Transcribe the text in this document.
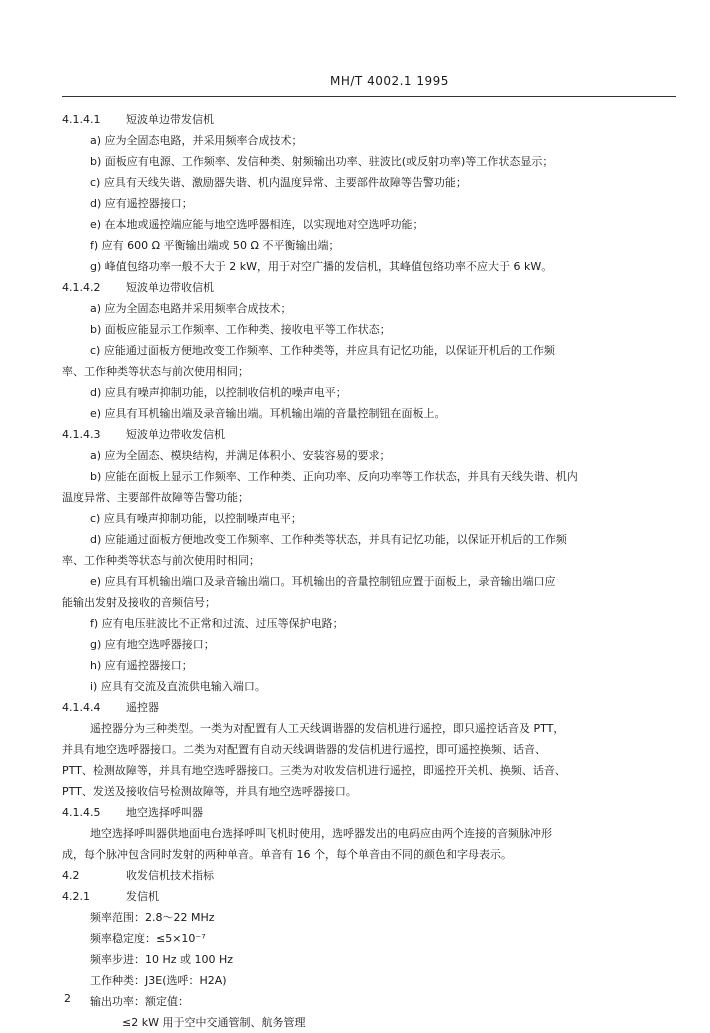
MH/T 4002.1 1995
4.1.4.1 短波单边带发信机
a) 应为全固态电路，并采用频率合成技术；
b) 面板应有电源、工作频率、发信种类、射频输出功率、驻波比(或反射功率)等工作状态显示；
c) 应具有天线失谐、激励器失谐、机内温度异常、主要部件故障等告警功能；
d) 应有遥控器接口；
e) 在本地或遥控端应能与地空选呼器相连，以实现地对空选呼功能；
f) 应有 600 Ω 平衡输出端或 50 Ω 不平衡输出端；
g) 峰值包络功率一般不大于 2 kW，用于对空广播的发信机，其峰值包络功率不应大于 6 kW。
4.1.4.2 短波单边带收信机
a) 应为全固态电路并采用频率合成技术；
b) 面板应能显示工作频率、工作种类、接收电平等工作状态；
c) 应能通过面板方便地改变工作频率、工作种类等，并应具有记忆功能，以保证开机后的工作频
率、工作种类等状态与前次使用相同；
d) 应具有噪声抑制功能，以控制收信机的噪声电平；
e) 应具有耳机输出端及录音输出端。耳机输出端的音量控制钮在面板上。
4.1.4.3 短波单边带收发信机
a) 应为全固态、模块结构，并满足体积小、安装容易的要求；
b) 应能在面板上显示工作频率、工作种类、正向功率、反向功率等工作状态，并具有天线失谐、机内
温度异常、主要部件故障等告警功能；
c) 应具有噪声抑制功能，以控制噪声电平；
d) 应能通过面板方便地改变工作频率、工作种类等状态，并具有记忆功能，以保证开机后的工作频
率、工作种类等状态与前次使用时相同；
e) 应具有耳机输出端口及录音输出端口。耳机输出的音量控制钮应置于面板上，录音输出端口应
能输出发射及接收的音频信号；
f) 应有电压驻波比不正常和过流、过压等保护电路；
g) 应有地空选呼器接口；
h) 应有遥控器接口；
i) 应具有交流及直流供电输入端口。
4.1.4.4 遥控器
遥控器分为三种类型。一类为对配置有人工天线调谐器的发信机进行遥控，即只遥控话音及 PTT，
并具有地空选呼器接口。二类为对配置有自动天线调谐器的发信机进行遥控，即可遥控换频、话音、
PTT、检测故障等，并具有地空选呼器接口。三类为对收发信机进行遥控，即遥控开关机、换频、话音、
PTT、发送及接收信号检测故障等，并具有地空选呼器接口。
4.1.4.5 地空选择呼叫器
地空选择呼叫器供地面电台选择呼叫飞机时使用，选呼器发出的电码应由两个连接的音频脉冲形
成，每个脉冲包含同时发射的两种单音。单音有 16 个，每个单音由不同的颜色和字母表示。
4.2	收发信机技术指标
4.2.1	发信机
频率范围：2.8～22 MHz
频率稳定度：≤5×10⁻⁷
频率步进：10 Hz 或 100 Hz
工作种类：J3E(选呼：H2A)
输出功率：额定值：
≤2 kW 用于空中交通管制、航务管理
2
